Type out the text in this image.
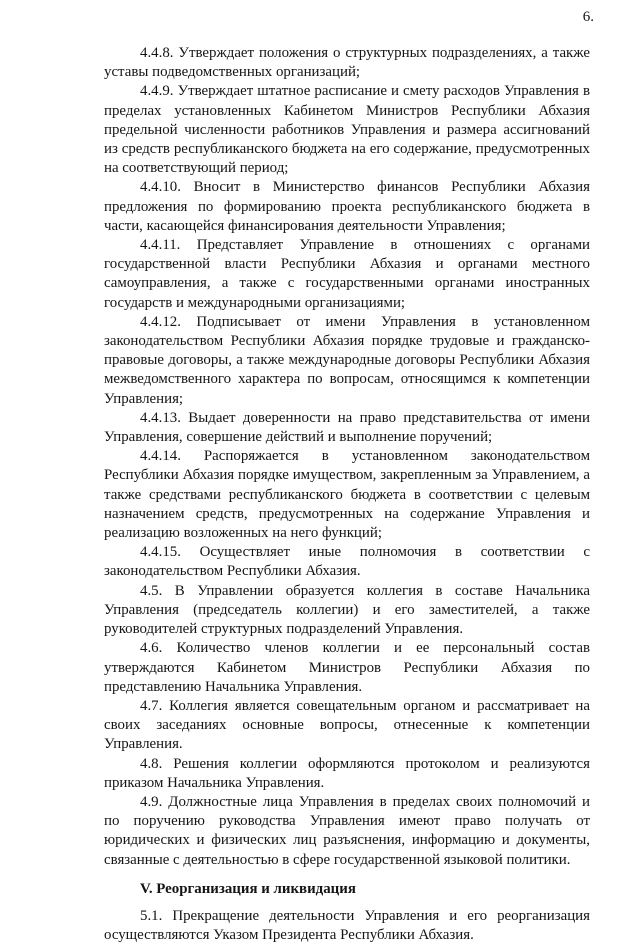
6.

4.4.8. Утверждает положения о структурных подразделениях, а также уставы подведомственных организаций;

4.4.9. Утверждает штатное расписание и смету расходов Управления в пределах установленных Кабинетом Министров Республики Абхазия предельной численности работников Управления и размера ассигнований из средств республиканского бюджета на его содержание, предусмотренных на соответствующий период;

4.4.10. Вносит в Министерство финансов Республики Абхазия предложения по формированию проекта республиканского бюджета в части, касающейся финансирования деятельности Управления;

4.4.11. Представляет Управление в отношениях с органами государственной власти Республики Абхазия и органами местного самоуправления, а также с государственными органами иностранных государств и международными организациями;

4.4.12. Подписывает от имени Управления в установленном законодательством Республики Абхазия порядке трудовые и гражданско-правовые договоры, а также международные договоры Республики Абхазия межведомственного характера по вопросам, относящимся к компетенции Управления;

4.4.13. Выдает доверенности на право представительства от имени Управления, совершение действий и выполнение поручений;

4.4.14. Распоряжается в установленном законодательством Республики Абхазия порядке имуществом, закрепленным за Управлением, а также средствами республиканского бюджета в соответствии с целевым назначением средств, предусмотренных на содержание Управления и реализацию возложенных на него функций;

4.4.15. Осуществляет иные полномочия в соответствии с законодательством Республики Абхазия.

4.5. В Управлении образуется коллегия в составе Начальника Управления (председатель коллегии) и его заместителей, а также руководителей структурных подразделений Управления.

4.6. Количество членов коллегии и ее персональный состав утверждаются Кабинетом Министров Республики Абхазия по представлению Начальника Управления.

4.7. Коллегия является совещательным органом и рассматривает на своих заседаниях основные вопросы, отнесенные к компетенции Управления.

4.8. Решения коллегии оформляются протоколом и реализуются приказом Начальника Управления.

4.9. Должностные лица Управления в пределах своих полномочий и по поручению руководства Управления имеют право получать от юридических и физических лиц разъяснения, информацию и документы, связанные с деятельностью в сфере государственной языковой политики.

V. Реорганизация и ликвидация

5.1. Прекращение деятельности Управления и его реорганизация осуществляются Указом Президента Республики Абхазия.
